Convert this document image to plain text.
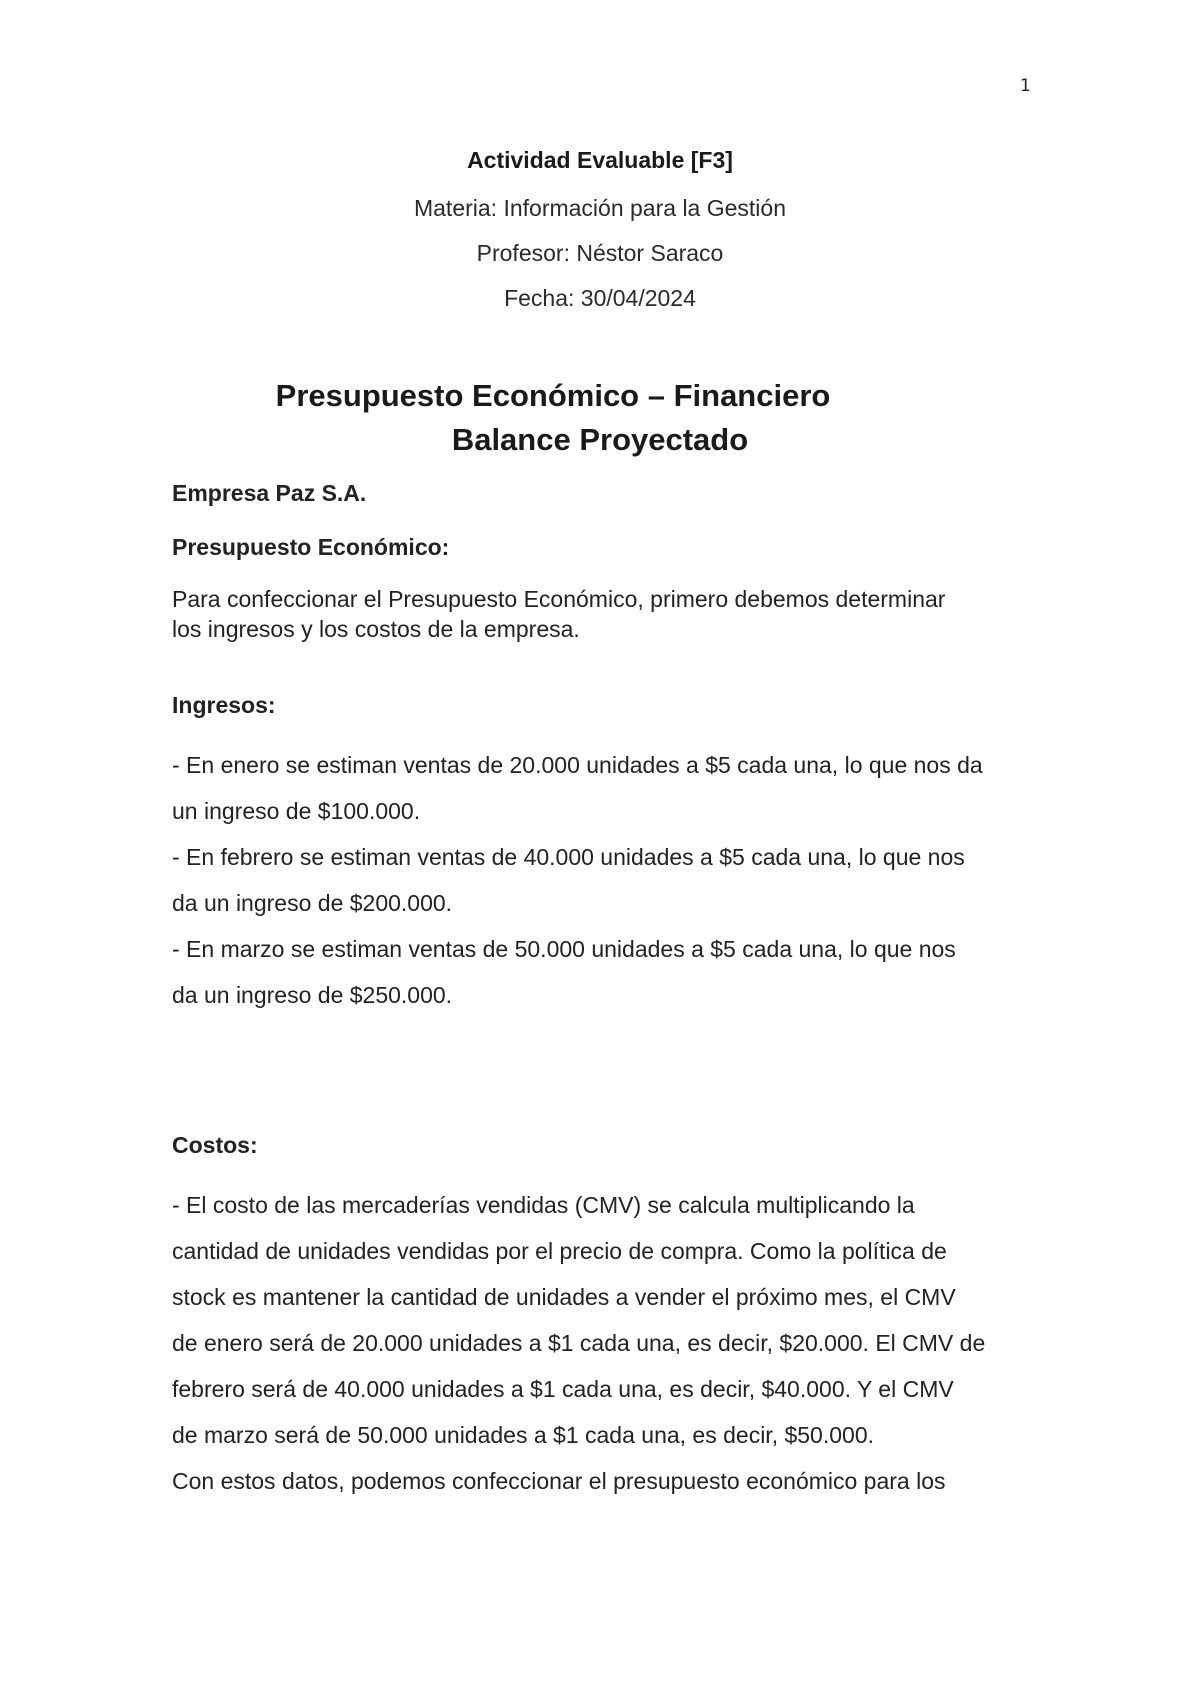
1

Actividad Evaluable [F3]

Materia: Información para la Gestión

Profesor: Néstor Saraco

Fecha: 30/04/2024

Presupuesto Económico – Financiero
Balance Proyectado

Empresa Paz S.A.

Presupuesto Económico:

Para confeccionar el Presupuesto Económico, primero debemos determinar

los ingresos y los costos de la empresa.

Ingresos:

- En enero se estiman ventas de 20.000 unidades a $5 cada una, lo que nos da

un ingreso de $100.000.

- En febrero se estiman ventas de 40.000 unidades a $5 cada una, lo que nos

da un ingreso de $200.000.

- En marzo se estiman ventas de 50.000 unidades a $5 cada una, lo que nos

da un ingreso de $250.000.

Costos:

- El costo de las mercaderías vendidas (CMV) se calcula multiplicando la

cantidad de unidades vendidas por el precio de compra. Como la política de

stock es mantener la cantidad de unidades a vender el próximo mes, el CMV

de enero será de 20.000 unidades a $1 cada una, es decir, $20.000. El CMV de

febrero será de 40.000 unidades a $1 cada una, es decir, $40.000. Y el CMV

de marzo será de 50.000 unidades a $1 cada una, es decir, $50.000.

Con estos datos, podemos confeccionar el presupuesto económico para los
